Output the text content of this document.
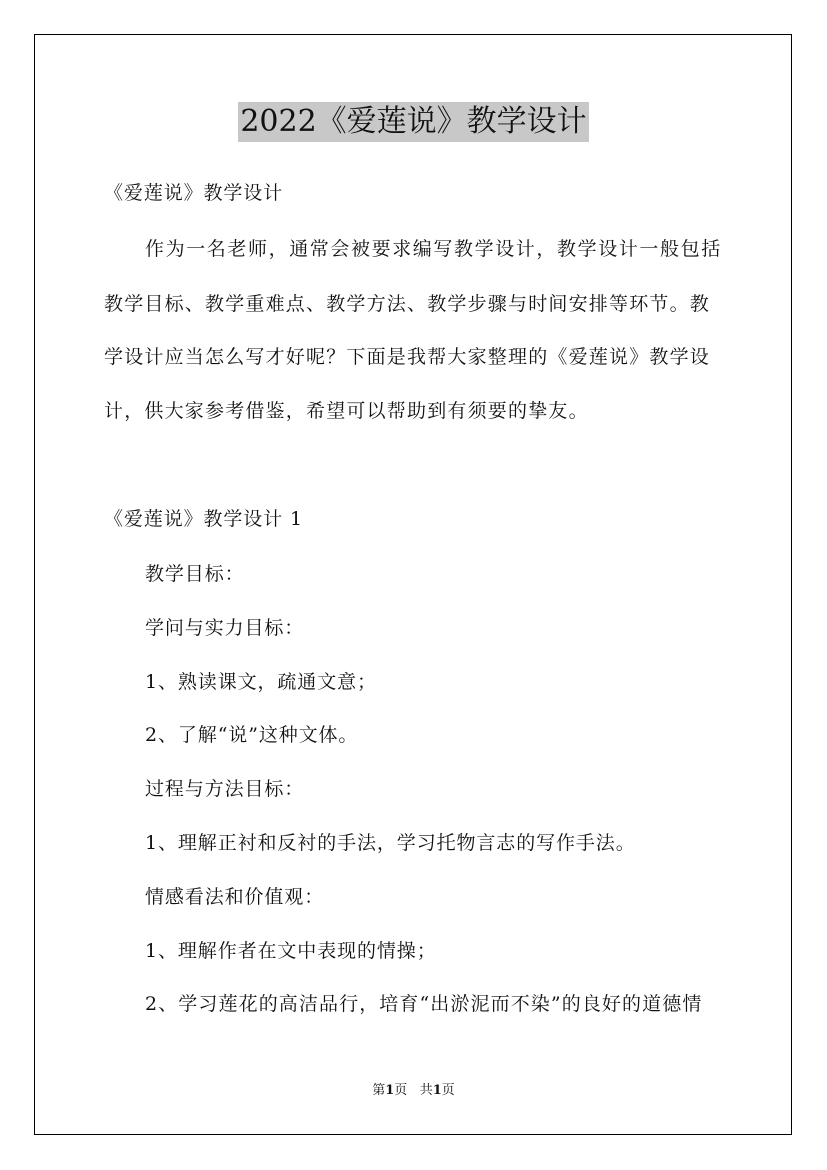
2022《爱莲说》教学设计
《爱莲说》教学设计
作为一名老师，通常会被要求编写教学设计，教学设计一般包括
教学目标、教学重难点、教学方法、教学步骤与时间安排等环节。教
学设计应当怎么写才好呢？下面是我帮大家整理的《爱莲说》教学设
计，供大家参考借鉴，希望可以帮助到有须要的挚友。
《爱莲说》教学设计 1
教学目标：
学问与实力目标：
1、熟读课文，疏通文意；
2、了解“说”这种文体。
过程与方法目标：
1、理解正衬和反衬的手法，学习托物言志的写作手法。
情感看法和价值观：
1、理解作者在文中表现的情操；
2、学习莲花的高洁品行，培育“出淤泥而不染”的良好的道德情
第1页 共1页
